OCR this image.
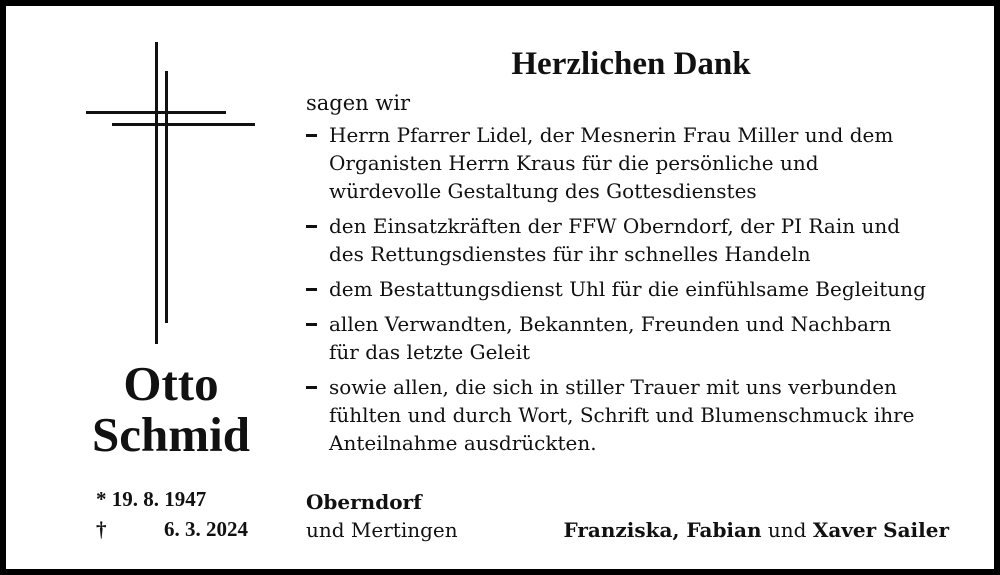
Otto
Schmid
* 19. 8. 1947
†	6. 3. 2024
Herzlichen Dank
sagen wir
Herrn Pfarrer Lidel, der Mesnerin Frau Miller und dem
Organisten Herrn Kraus für die persönliche und
würdevolle Gestaltung des Gottesdienstes
den Einsatzkräften der FFW Oberndorf, der PI Rain und
des Rettungsdienstes für ihr schnelles Handeln
dem Bestattungsdienst Uhl für die einfühlsame Begleitung
allen Verwandten, Bekannten, Freunden und Nachbarn
für das letzte Geleit
sowie allen, die sich in stiller Trauer mit uns verbunden
fühlten und durch Wort, Schrift und Blumenschmuck ihre
Anteilnahme ausdrückten.
Oberndorf
und Mertingen	Franziska, Fabian und Xaver Sailer
